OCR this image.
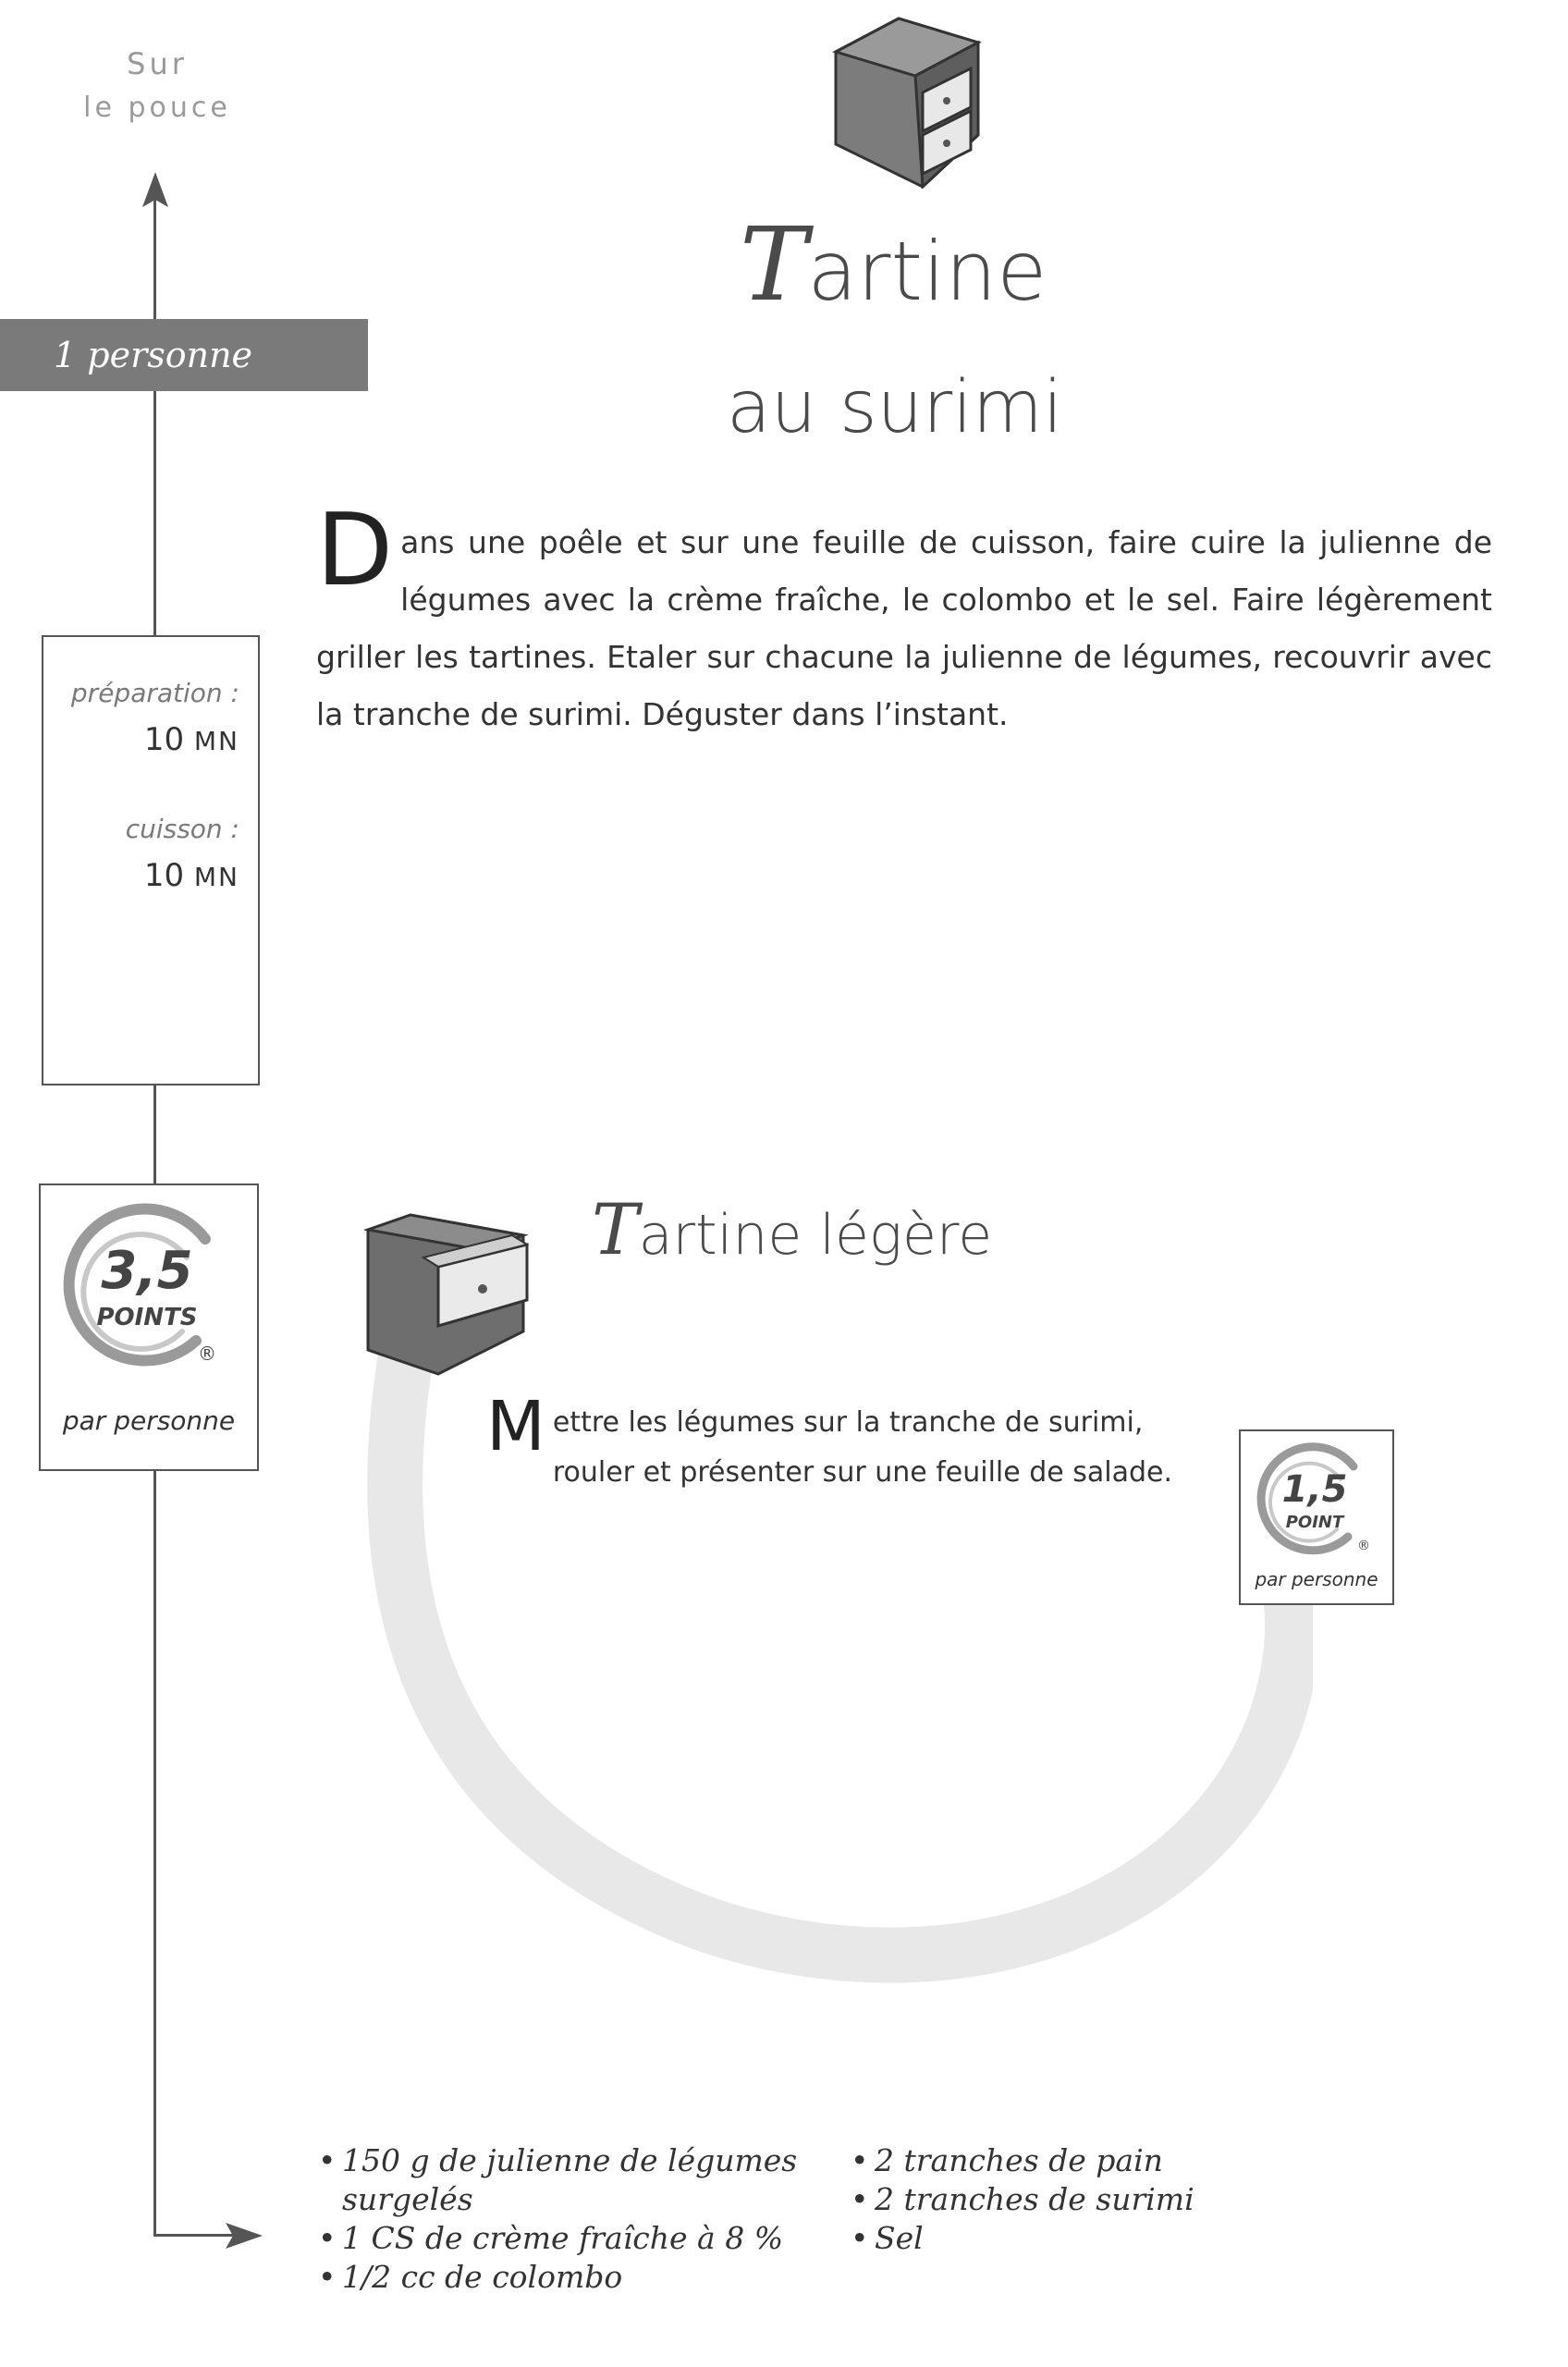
Sur
le pouce
1 personne
préparation :
10 MN
cuisson :
10 MN
3,5
POINTS
®
par personne
Tartine
au surimi
Dans une poêle et sur une feuille de cuisson, faire cuire la julienne de légumes avec la crème fraîche, le colombo et le sel. Faire légèrement griller les tartines. Etaler sur chacune la julienne de légumes, recouvrir avec la tranche de surimi. Déguster dans l’instant.
Tartine légère
Mettre les légumes sur la tranche de surimi, rouler et présenter sur une feuille de salade.	1,5
POINT
®
par personne
• 150 g de julienne de légumes surgelés
• 1 CS de crème fraîche à 8 %
• 1/2 cc de colombo
• 2 tranches de pain
• 2 tranches de surimi
• Sel
